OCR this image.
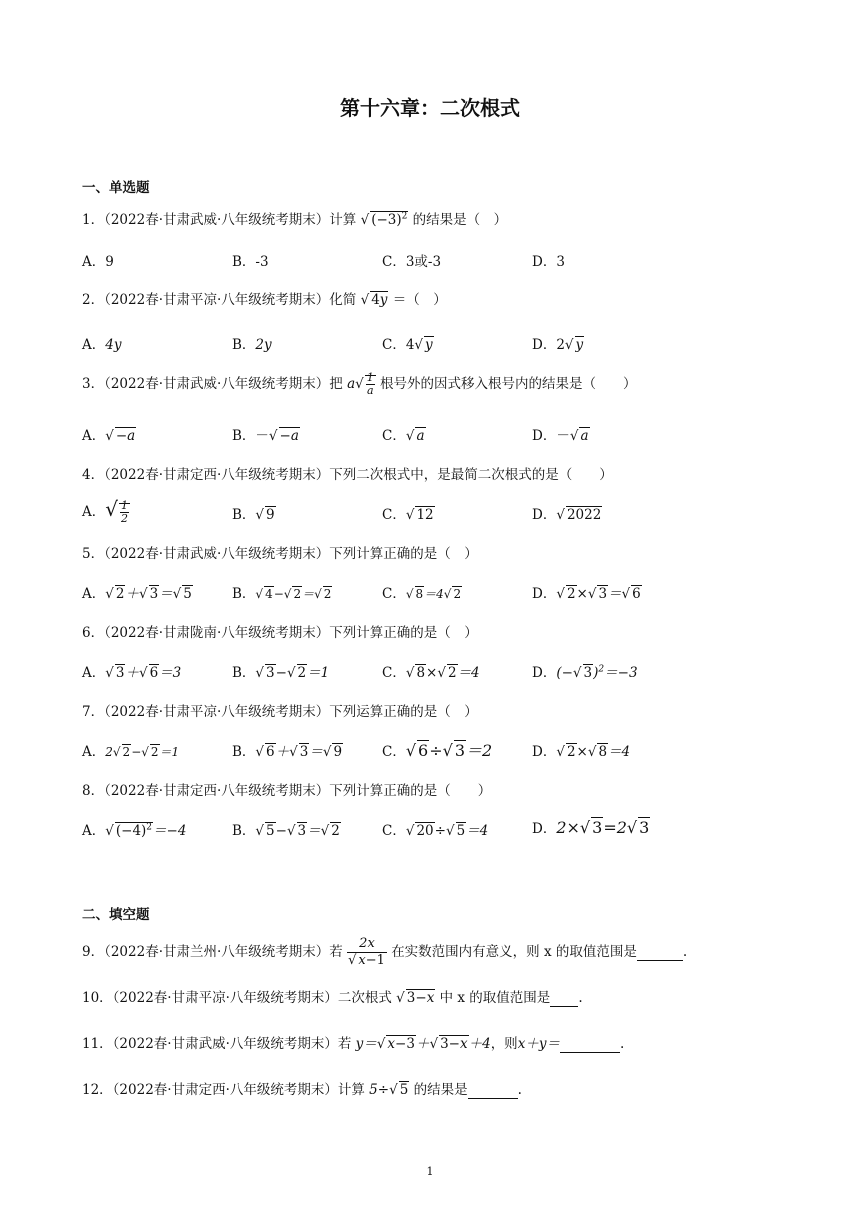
第十六章：二次根式
一、单选题
1．（2022春·甘肃武威·八年级统考期末）计算 √ $(-3)^2$ 的结果是（　）
A．9	B．-3	C．3或-3	D．3
2．（2022春·甘肃平凉·八年级统考期末）化简 √ 4y ＝（　）
A．4y	B．2y	C．4√ y	D．2√ y
3．（2022春·甘肃武威·八年级统考期末）把 $a√ \frac{1}{a}$ 根号外的因式移入根号内的结果是（　　）
A．√ −a	B．－√ −a	C．√ a	D．－√ a
4．（2022春·甘肃定西·八年级统考期末）下列二次根式中，是最简二次根式的是（　　）
A．√ $\frac{1}{2}$	B．√ 9	C．√ 12	D．√ 2022
5．（2022春·甘肃武威·八年级统考期末）下列计算正确的是（　）
A．√ 2＋√ 3＝√ 5	B．√ 4−√ 2＝√ 2	C．√ 8＝4√ 2	D．√ 2×√ 3＝√ 6
6．（2022春·甘肃陇南·八年级统考期末）下列计算正确的是（　）
A．√ 3＋√ 6＝3	B．√ 3−√ 2＝1	C．√ 8×√ 2＝4	D．(−√ 3)$^2$＝−3
7．（2022春·甘肃平凉·八年级统考期末）下列运算正确的是（　）
A．2√ 2−√ 2＝1	B．√ 6＋√ 3＝√ 9	C．√ 6÷√ 3＝2	D．√ 2×√ 8＝4
8．（2022春·甘肃定西·八年级统考期末）下列计算正确的是（　　）
A．√ $(-4)^2=-4$	B．√ 5−√ 3＝√ 2	C．√ 20÷√ 5＝4	D．2×√ 3=2√ 3
二、填空题
9．（2022春·甘肃兰州·八年级统考期末）若 $\frac{2x}{√ x-1}$ 在实数范围内有意义，则 x 的取值范围是	.
10．（2022春·甘肃平凉·八年级统考期末）二次根式 √ 3−x 中 x 的取值范围是 .
11．（2022春·甘肃武威·八年级统考期末）若 y＝√ x−3＋√ 3−x＋4，则x＋y＝	.
12．（2022春·甘肃定西·八年级统考期末）计算 5÷√ 5 的结果是	.
1
